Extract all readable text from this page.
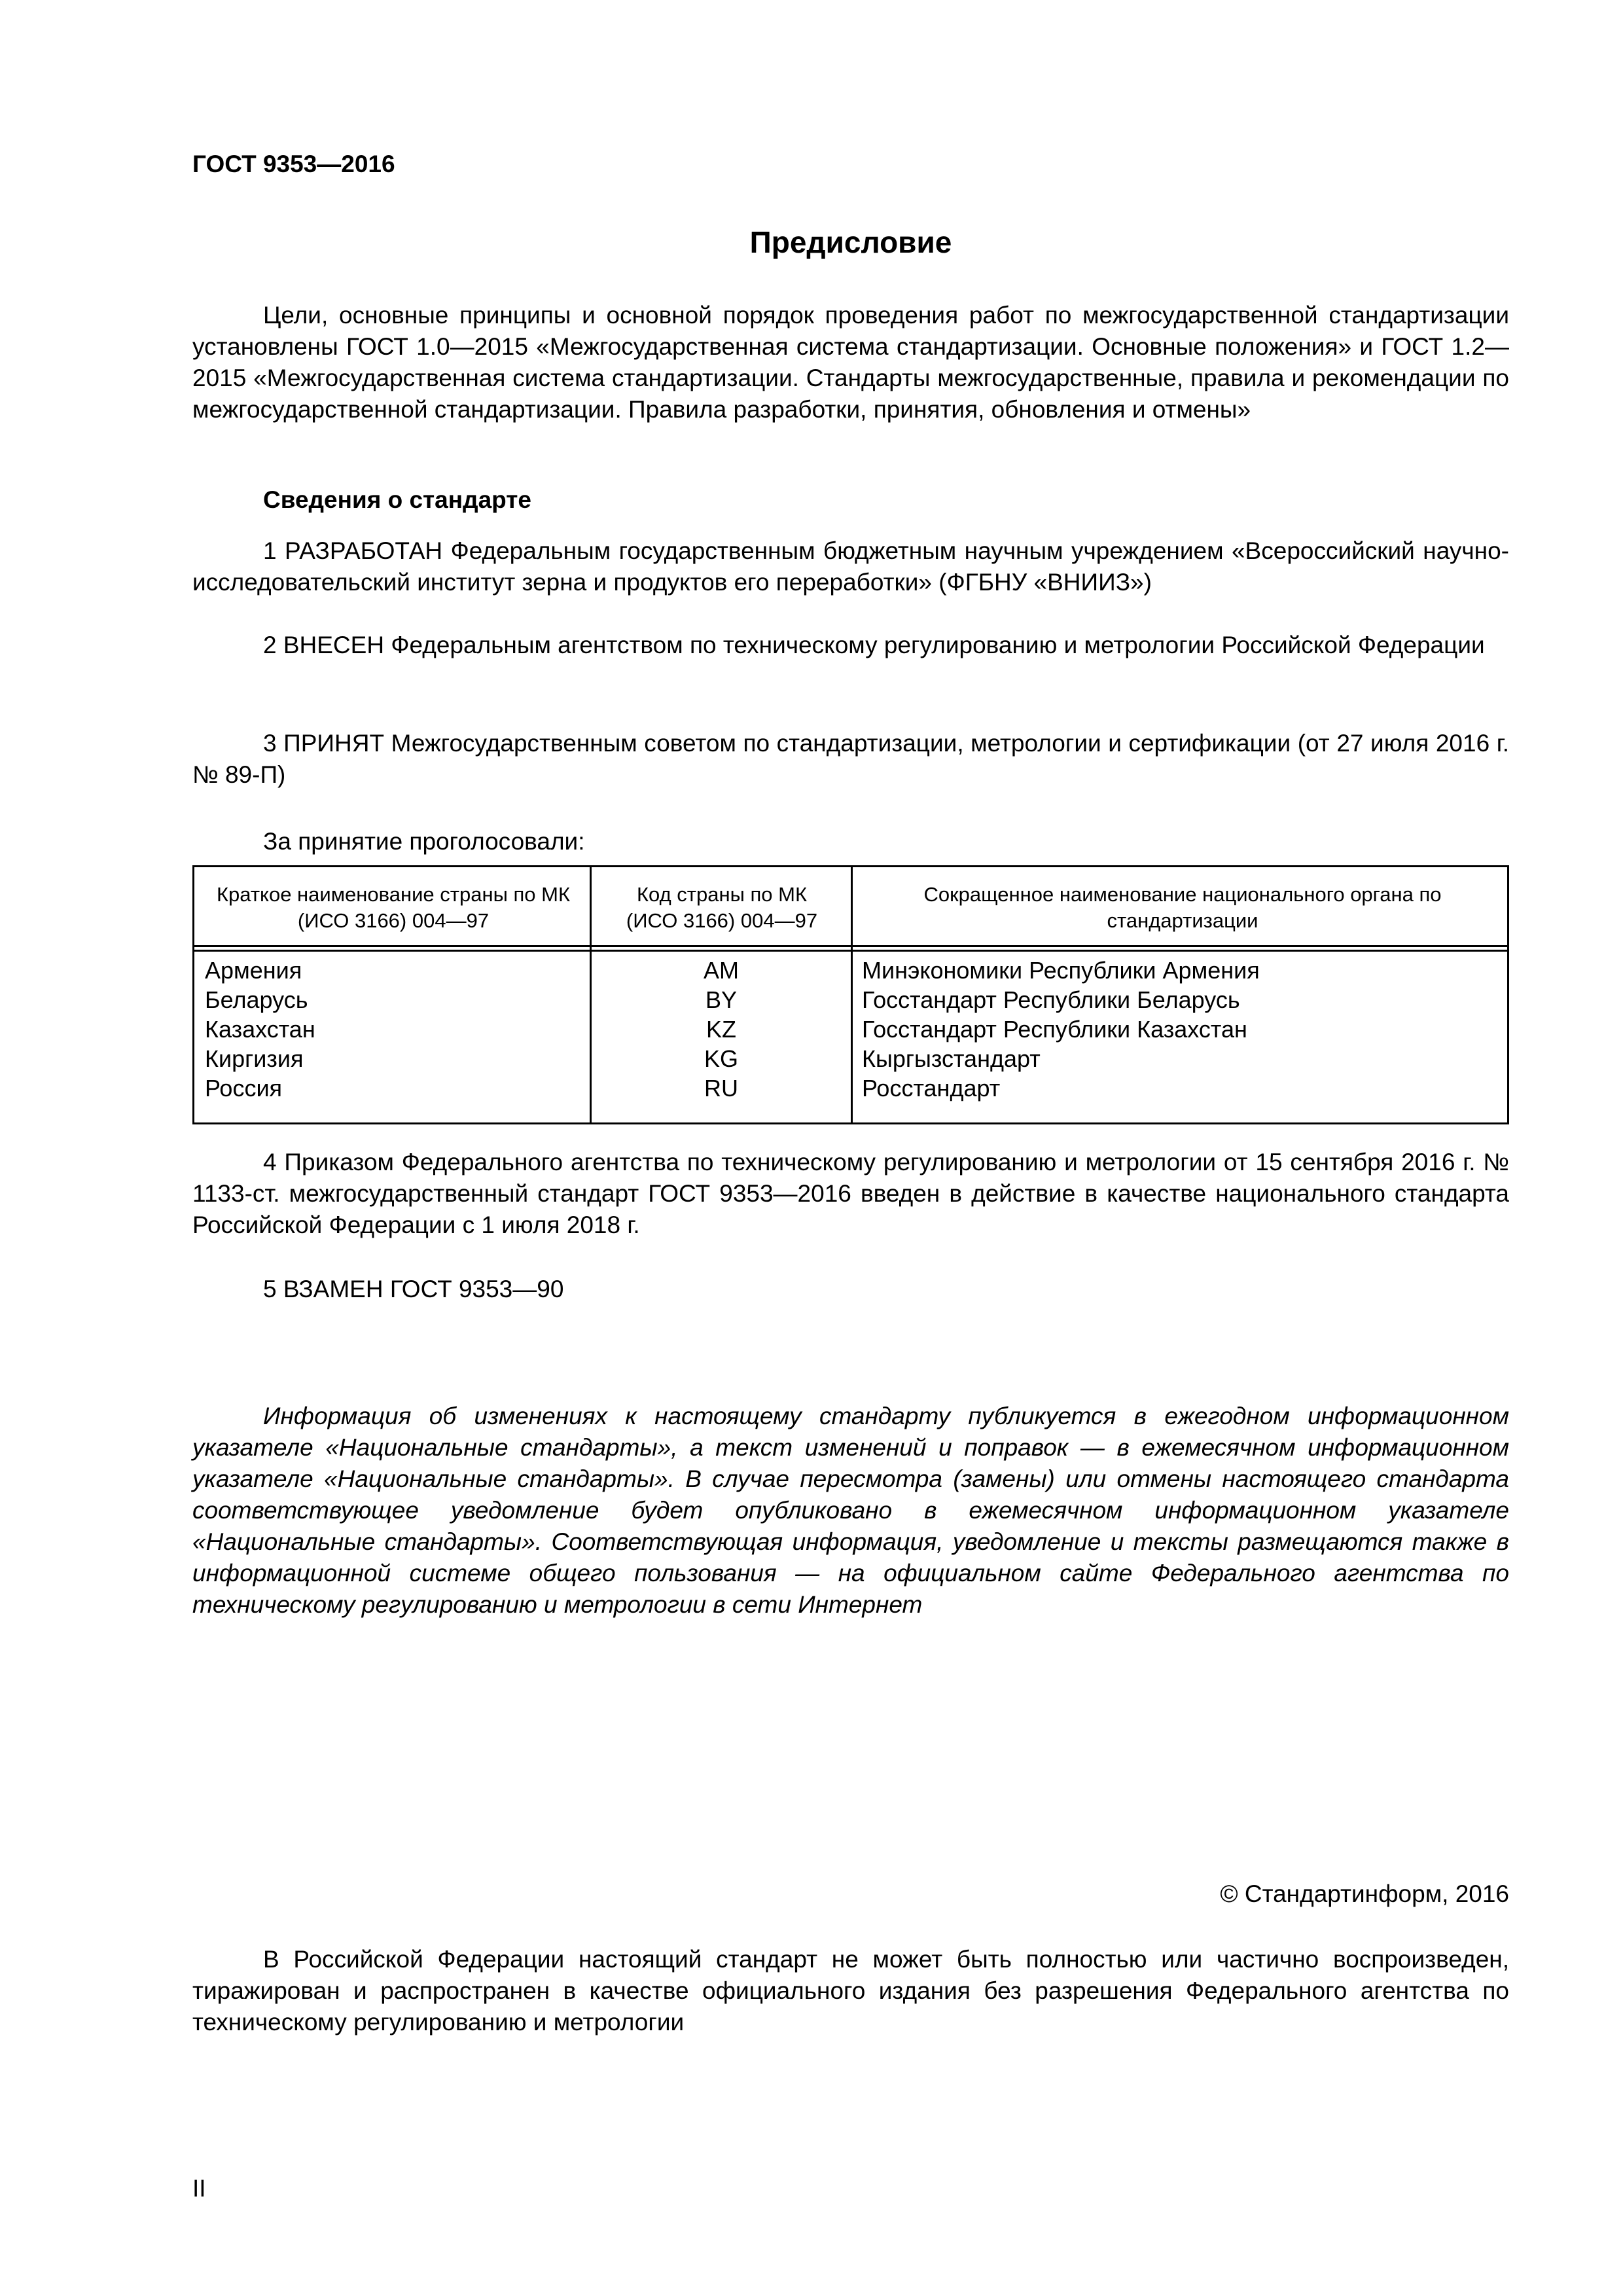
ГОСТ 9353—2016
Предисловие

Цели, основные принципы и основной порядок проведения работ по межгосударственной стандартизации установлены ГОСТ 1.0—2015 «Межгосударственная система стандартизации. Основные положения» и ГОСТ 1.2—2015 «Межгосударственная система стандартизации. Стандарты межгосударственные, правила и рекомендации по межгосударственной стандартизации. Правила разработки, принятия, обновления и отмены»

Сведения о стандарте

1 РАЗРАБОТАН Федеральным государственным бюджетным научным учреждением «Всероссийский научно-исследовательский институт зерна и продуктов его переработки» (ФГБНУ «ВНИИЗ»)

2 ВНЕСЕН Федеральным агентством по техническому регулированию и метрологии Российской Федерации

3 ПРИНЯТ Межгосударственным советом по стандартизации, метрологии и сертификации (от 27 июля 2016 г. № 89-П)

За принятие проголосовали:
Краткое наименование страны по МК (ИСО 3166) 004—97
Код страны по МК (ИСО 3166) 004—97
Сокращенное наименование национального органа по стандартизации
Армения
Беларусь
Казахстан
Киргизия
Россия
AM
BY
KZ
KG
RU
Минэкономики Республики Армения
Госстандарт Республики Беларусь
Госстандарт Республики Казахстан
Кыргызстандарт
Росстандарт

4 Приказом Федерального агентства по техническому регулированию и метрологии от 15 сентября 2016 г. № 1133-ст. межгосударственный стандарт ГОСТ 9353—2016 введен в действие в качестве национального стандарта Российской Федерации с 1 июля 2018 г.

5 ВЗАМЕН ГОСТ 9353—90

Информация об изменениях к настоящему стандарту публикуется в ежегодном информационном указателе «Национальные стандарты», а текст изменений и поправок — в ежемесячном информационном указателе «Национальные стандарты». В случае пересмотра (замены) или отмены настоящего стандарта соответствующее уведомление будет опубликовано в ежемесячном информационном указателе «Национальные стандарты». Соответствующая информация, уведомление и тексты размещаются также в информационной системе общего пользования — на официальном сайте Федерального агентства по техническому регулированию и метрологии в сети Интернет

© Стандартинформ, 2016

В Российской Федерации настоящий стандарт не может быть полностью или частично воспроизведен, тиражирован и распространен в качестве официального издания без разрешения Федерального агентства по техническому регулированию и метрологии

II
